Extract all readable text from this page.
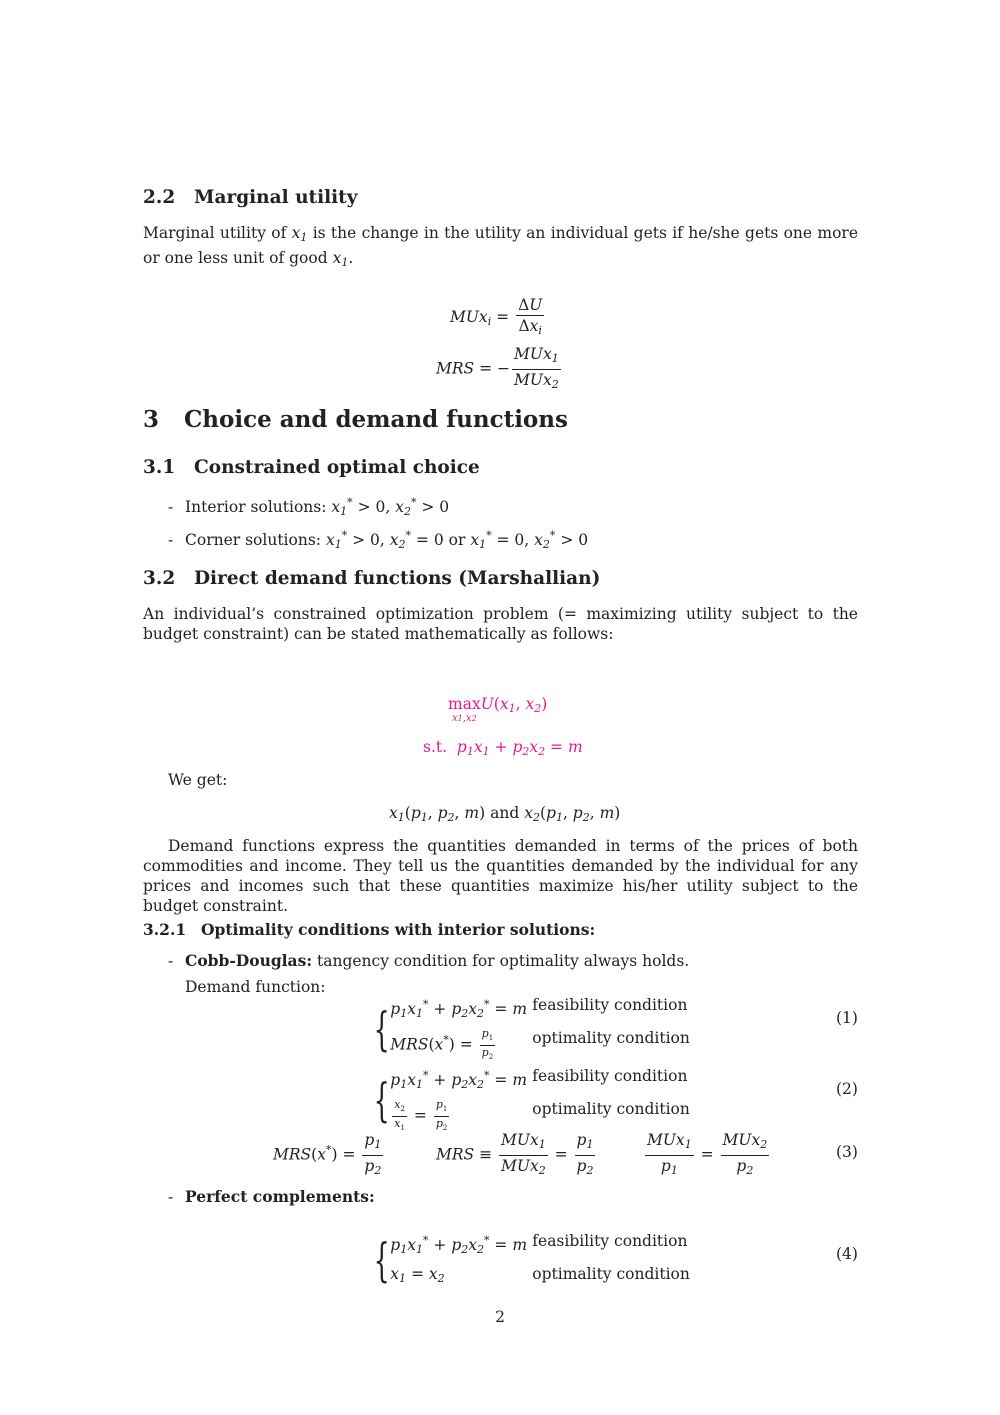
2.2 Marginal utility
Marginal utility of $x_1$ is the change in the utility an individual gets if he/she gets one more or one less unit of good $x_1$.
$MUx_i = \frac{\Delta U}{\Delta x_i}$
MRS = − $\frac{MUx_1}{MUx_2}$
3 Choice and demand functions
3.1 Constrained optimal choice
- Interior solutions: $x_1^* > 0$, $x_2^* > 0$
- Corner solutions: $x_1^* > 0$, $x_2^* = 0$ or $x_1^* = 0$, $x_2^* > 0$
3.2 Direct demand functions (Marshallian)
An individual’s constrained optimization problem (= maximizing utility subject to the budget constraint) can be stated mathematically as follows:
max
x1,x2
$U(x_1$, $x_2$)
s.t. $p_1x_1 + p_2x_2 = m$
We get:
$x_1(p_1$, $p_2$, m) and $x_2(p_1$, $p_2$, m)
Demand functions express the quantities demanded in terms of the prices of both commodities and income. They tell us the quantities demanded by the individual for any prices and incomes such that these quantities maximize his/her utility subject to the budget constraint.
3.2.1 Optimality conditions with interior solutions:
- Cobb-Douglas: tangency condition for optimality always holds.
Demand function:
{ $p_1x_1^* + p_2x_2^* = m$ feasibility condition
$MRS(x^*) = \frac{p_1}{p_2}$ optimality condition
(1)
{ $p_1x_1^* + p_2x_2^* = m$ feasibility condition
$\frac{x_2}{x_1} = \frac{p_1}{p_2}$	optimality condition
(2)
$MRS(x^*) = \frac{p_1}{p_2}$	MRS ≡ $\frac{MUx_1}{MUx_2} = \frac{p_1}{p_2}$	$\frac{MUx_1}{p_1} = \frac{MUx_2}{p_2}$	(3)
- Perfect complements:
{ $p_1x_1^* + p_2x_2^* = m$ feasibility condition
$x_1 = x_2$	optimality condition
(4)
2
